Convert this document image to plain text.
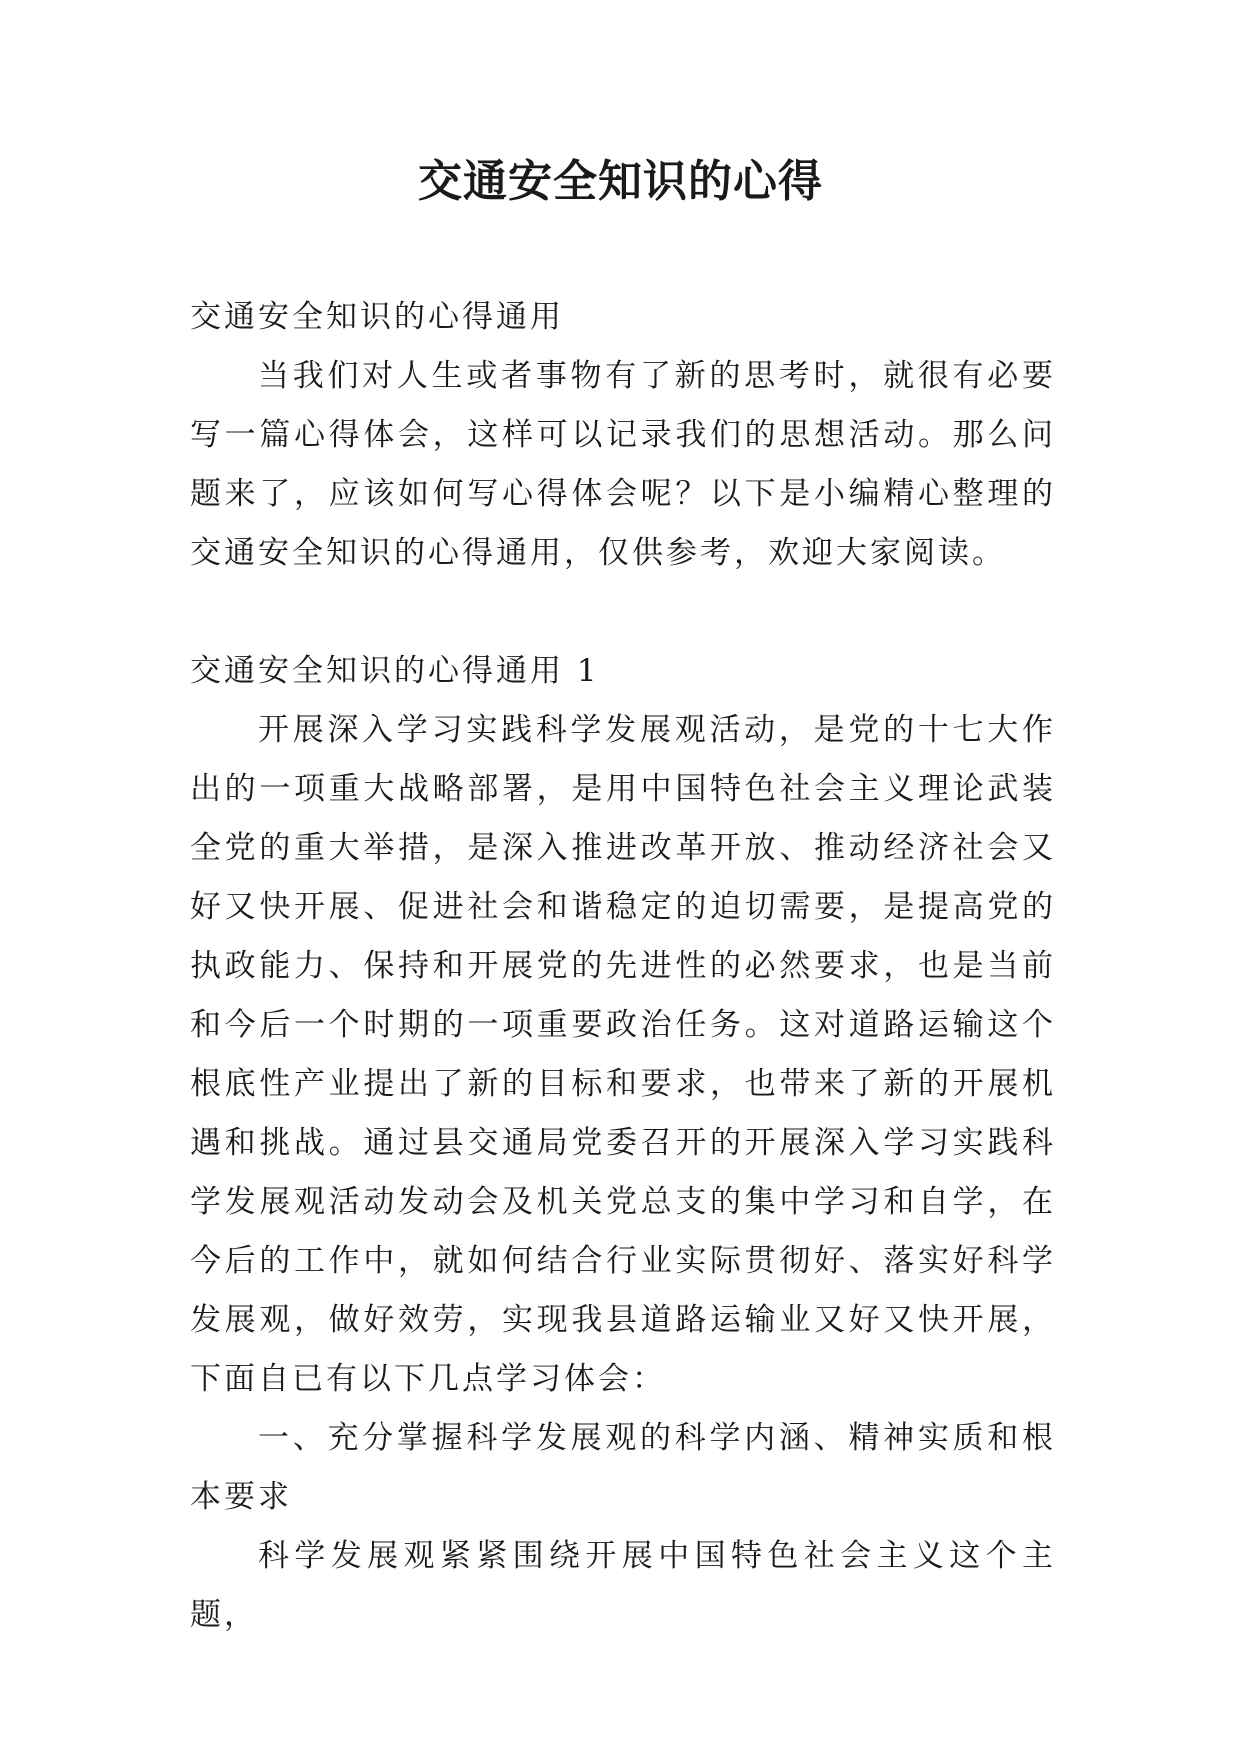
交通安全知识的心得

交通安全知识的心得通用

当我们对人生或者事物有了新的思考时，就很有必要写一篇心得体会，这样可以记录我们的思想活动。那么问题来了，应该如何写心得体会呢？以下是小编精心整理的交通安全知识的心得通用，仅供参考，欢迎大家阅读。

交通安全知识的心得通用 1

开展深入学习实践科学发展观活动，是党的十七大作出的一项重大战略部署，是用中国特色社会主义理论武装全党的重大举措，是深入推进改革开放、推动经济社会又好又快开展、促进社会和谐稳定的迫切需要，是提高党的执政能力、保持和开展党的先进性的必然要求，也是当前和今后一个时期的一项重要政治任务。这对道路运输这个根底性产业提出了新的目标和要求，也带来了新的开展机遇和挑战。通过县交通局党委召开的开展深入学习实践科学发展观活动发动会及机关党总支的集中学习和自学，在今后的工作中，就如何结合行业实际贯彻好、落实好科学发展观，做好效劳，实现我县道路运输业又好又快开展，下面自已有以下几点学习体会：

一、充分掌握科学发展观的科学内涵、精神实质和根本要求

科学发展观紧紧围绕开展中国特色社会主义这个主题，
